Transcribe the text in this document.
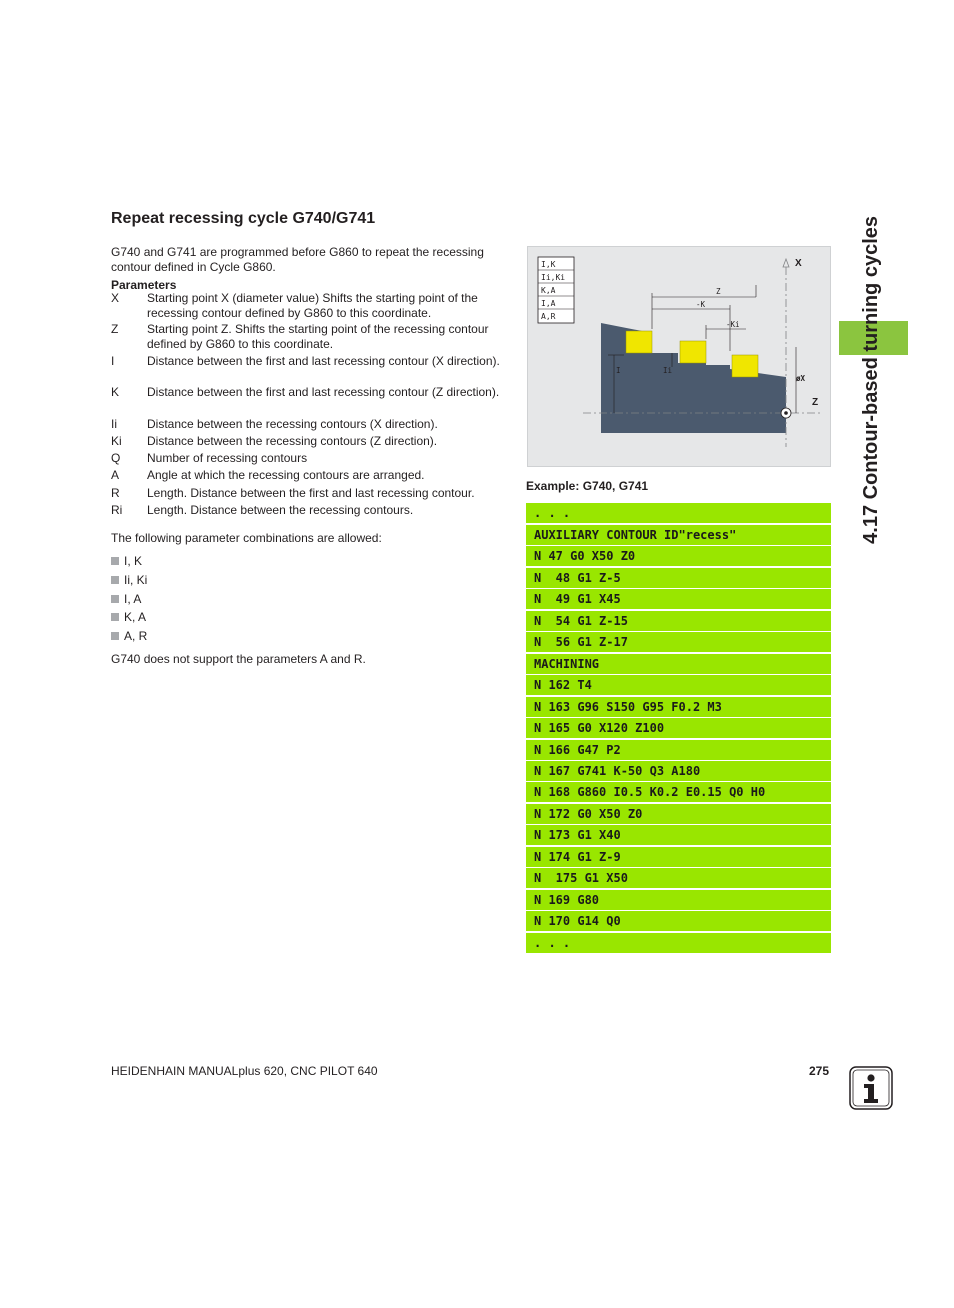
Repeat recessing cycle G740/G741
G740 and G741 are programmed before G860 to repeat the recessing contour defined in Cycle G860.
Parameters
X Starting point X (diameter value) Shifts the starting point of the recessing contour defined by G860 to this coordinate.
Z Starting point Z. Shifts the starting point of the recessing contour defined by G860 to this coordinate.
I	Distance between the first and last recessing contour (X direction).
K Distance between the first and last recessing contour (Z direction).
Ii	Distance between the recessing contours (X direction).
Ki Distance between the recessing contours (Z direction).
Q Number of recessing contours
A Angle at which the recessing contours are arranged.
R Length. Distance between the first and last recessing contour.
Ri Length. Distance between the recessing contours.
The following parameter combinations are allowed:
I, K
Ii, Ki
I, A
K, A
A, R
G740 does not support the parameters A and R.
I,K
Ii,Ki
K,A
I,A
A,R
X
Z
Z
-K
-Ki
I	Ii
øX
Example: G740, G741
. . .
AUXILIARY CONTOUR ID"recess"
N 47 G0 X50 Z0
N  48 G1 Z-5
N  49 G1 X45
N  54 G1 Z-15
N  56 G1 Z-17
MACHINING
N 162 T4
N 163 G96 S150 G95 F0.2 M3
N 165 G0 X120 Z100
N 166 G47 P2
N 167 G741 K-50 Q3 A180
N 168 G860 I0.5 K0.2 E0.15 Q0 H0
N 172 G0 X50 Z0
N 173 G1 X40
N 174 G1 Z-9
N  175 G1 X50
N 169 G80
N 170 G14 Q0
. . .
4.17 Contour-based turning cycles
HEIDENHAIN MANUALplus 620, CNC PILOT 640	275
